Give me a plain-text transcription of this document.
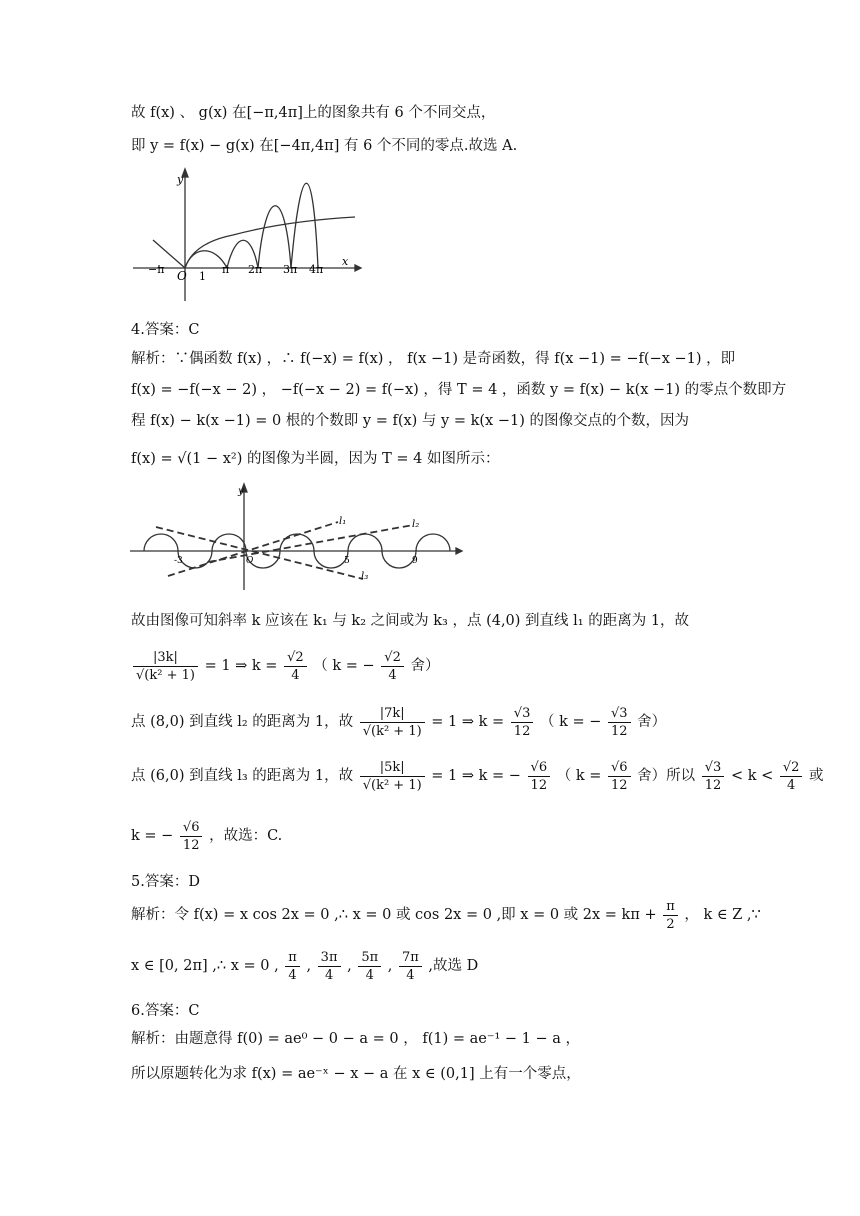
故 f(x) 、 g(x) 在[−π,4π]上的图象共有 6 个不同交点，
即 y = f(x) − g(x) 在[−4π,4π] 有 6 个不同的零点.故选 A.
y
x
−π O 1
π 2π 3π 4π
4.答案：C
解析：∵偶函数 f(x) ，∴ f(−x) = f(x) ， f(x −1) 是奇函数，得 f(x −1) = −f(−x −1) ，即
f(x) = −f(−x − 2) ， −f(−x − 2) = f(−x) ，得 T = 4 ，函数 y = f(x) − k(x −1) 的零点个数即方
程 f(x) − k(x −1) = 0 根的个数即 y = f(x) 与 y = k(x −1) 的图像交点的个数，因为
f(x) = √(1 − x²) 的图像为半圆，因为 T = 4 如图所示：
y
l₁	l₂
l₃
-3	O	5	9
故由图像可知斜率 k 应该在 k₁ 与 k₂ 之间或为 k₃ ，点 (4,0) 到直线 l₁ 的距离为 1，故
$\frac{|3k|}{\text{√(k² + 1)}} = 1$ ⇒ $k = \frac{√2}{4}$ （ k = − $\frac{√2}{4}$ 舍）
点 (8,0) 到直线 l₂ 的距离为 1，故 $\frac{|7k|}{\text{√(k² + 1)}} = 1$ ⇒ $k = \frac{√3}{12}$ （ k = − $\frac{√3}{12}$ 舍）
点 (6,0) 到直线 l₃ 的距离为 1，故 $\frac{|5k|}{\text{√(k² + 1)}} = 1$ ⇒ k = − $\frac{√6}{12}$ （ $k = \frac{√6}{12}$ 舍）所以 $\frac{√3}{12} < k < \frac{√2}{4}$ 或
k = − $\frac{√6}{12}$ ，故选：C.
5.答案：D
解析：令 f(x) = x cos 2x = 0 ,∴ x = 0 或 cos 2x = 0 ,即 x = 0 或 $2x = k\pi + \frac{\pi}{2}$ ， k ∈ Z ,∵
x ∈ [0, 2π] ,∴ x = 0 , $\frac{\pi}{4}$ , $\frac{3\pi}{4}$ , $\frac{5\pi}{4}$ , $\frac{7\pi}{4}$ ,故选 D
6.答案：C
解析：由题意得 f(0) = ae⁰ − 0 − a = 0 ， f(1) = ae⁻¹ − 1 − a ，
所以原题转化为求 f(x) = ae⁻ˣ − x − a 在 x ∈ (0,1] 上有一个零点，
